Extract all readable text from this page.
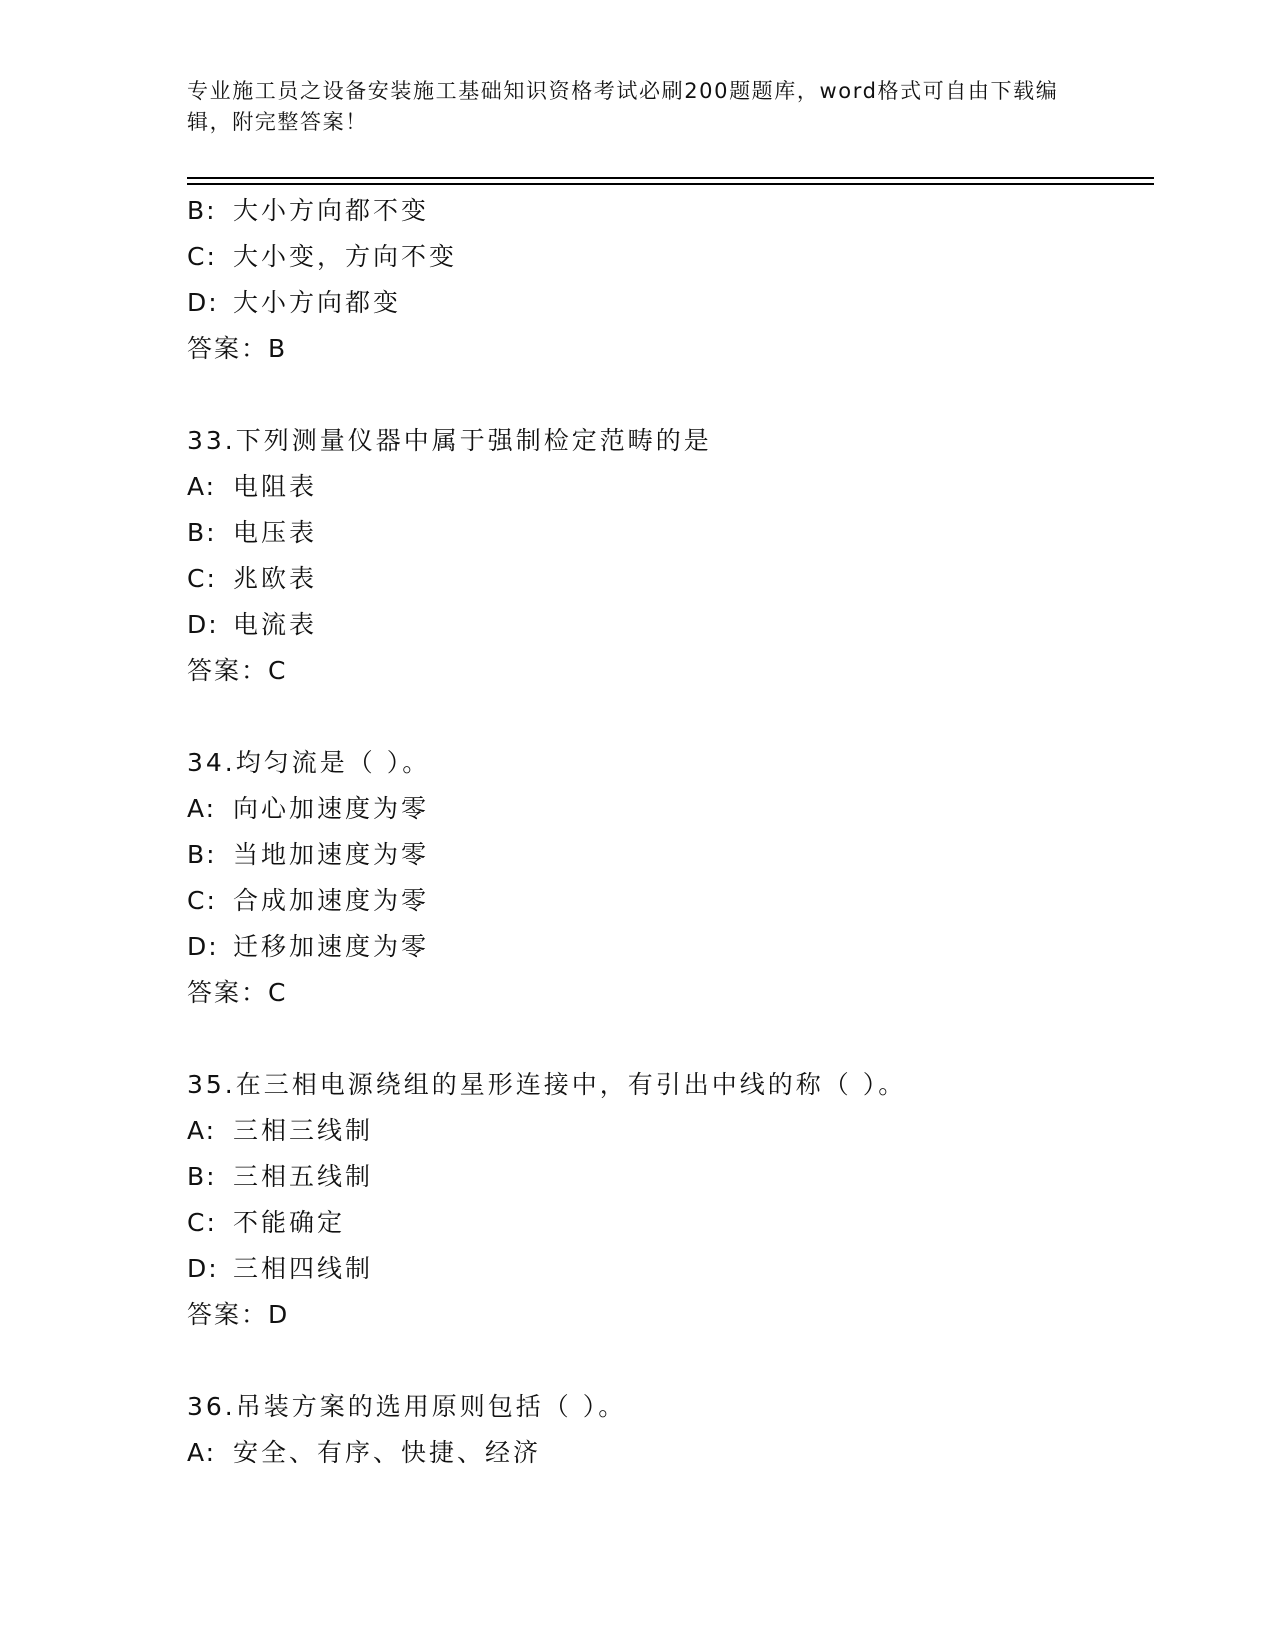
专业施工员之设备安装施工基础知识资格考试必刷200题题库，word格式可自由下载编辑，附完整答案！
B: 大小方向都不变
C: 大小变，方向不变
D: 大小方向都变
答案：B
33.下列测量仪器中属于强制检定范畴的是
A: 电阻表
B: 电压表
C: 兆欧表
D: 电流表
答案：C
34.均匀流是（ ）。
A: 向心加速度为零
B: 当地加速度为零
C: 合成加速度为零
D: 迁移加速度为零
答案：C
35.在三相电源绕组的星形连接中，有引出中线的称（ ）。
A: 三相三线制
B: 三相五线制
C: 不能确定
D: 三相四线制
答案：D
36.吊装方案的选用原则包括（ ）。
A: 安全、有序、快捷、经济
